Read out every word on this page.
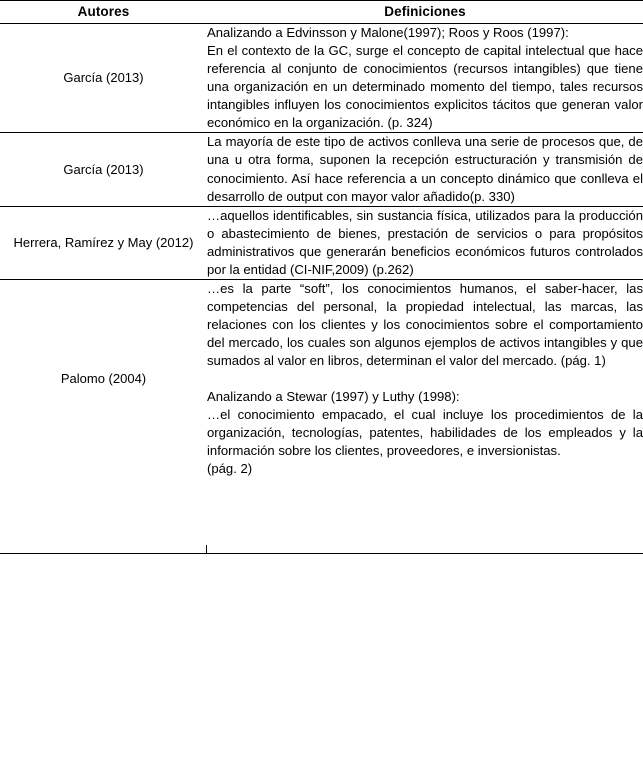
Autores	Definiciones
García (2013)	Analizando a Edvinsson y Malone(1997); Roos y Roos (1997):

En el contexto de la GC, surge el concepto de capital intelectual que hace referencia al conjunto de conocimientos (recursos intangibles) que tiene una organización en un determinado momento del tiempo, tales recursos intangibles influyen los conocimientos explicitos tácitos que generan valor económico en la organización. (p. 324)

García (2013)	La mayoría de este tipo de activos conlleva una serie de procesos que, de una u otra forma, suponen la recepción estructuración y transmisión de conocimiento. Así hace referencia a un concepto dinámico que conlleva el desarrollo de output con mayor valor añadido(p. 330)

Herrera, Ramírez y May (2012)	…aquellos identificables, sin sustancia física, utilizados para la producción o abastecimiento de bienes, prestación de servicios o para propósitos administrativos que generarán beneficios económicos futuros controlados por la entidad (CI-NIF,2009) (p.262)

Palomo (2004)	…es la parte “soft”, los conocimientos humanos, el saber-hacer, las competencias del personal, la propiedad intelectual, las marcas, las relaciones con los clientes y los conocimientos sobre el comportamiento del mercado, los cuales son algunos ejemplos de activos intangibles y que sumados al valor en libros, determinan el valor del mercado. (pág. 1)

Analizando a Stewar (1997) y Luthy (1998):

…el conocimiento empacado, el cual incluye los procedimientos de la organización, tecnologías, patentes, habilidades de los empleados y la información sobre los clientes, proveedores, e inversionistas.

(pág. 2)
